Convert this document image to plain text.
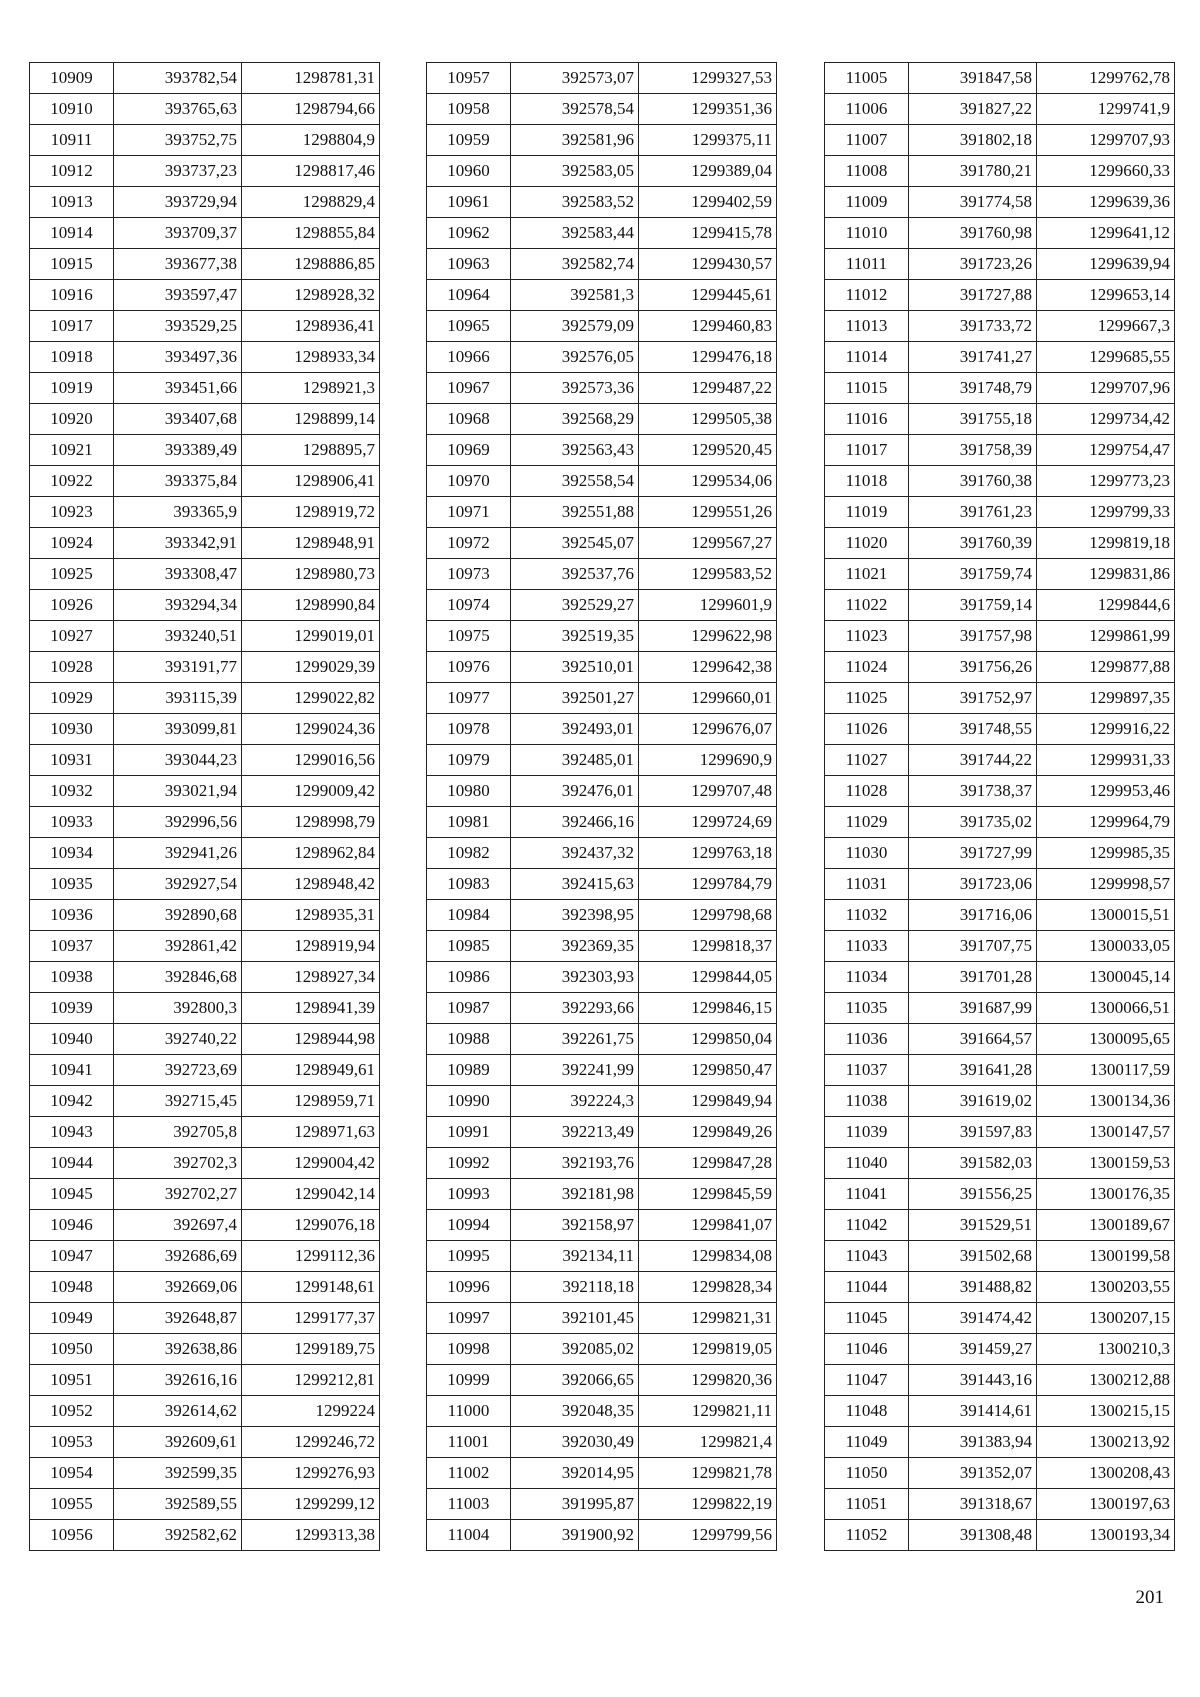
10909	393782,54	1298781,31
10910	393765,63	1298794,66
10911	393752,75	1298804,9
10912	393737,23	1298817,46
10913	393729,94	1298829,4
10914	393709,37	1298855,84
10915	393677,38	1298886,85
10916	393597,47	1298928,32
10917	393529,25	1298936,41
10918	393497,36	1298933,34
10919	393451,66	1298921,3
10920	393407,68	1298899,14
10921	393389,49	1298895,7
10922	393375,84	1298906,41
10923	393365,9	1298919,72
10924	393342,91	1298948,91
10925	393308,47	1298980,73
10926	393294,34	1298990,84
10927	393240,51	1299019,01
10928	393191,77	1299029,39
10929	393115,39	1299022,82
10930	393099,81	1299024,36
10931	393044,23	1299016,56
10932	393021,94	1299009,42
10933	392996,56	1298998,79
10934	392941,26	1298962,84
10935	392927,54	1298948,42
10936	392890,68	1298935,31
10937	392861,42	1298919,94
10938	392846,68	1298927,34
10939	392800,3	1298941,39
10940	392740,22	1298944,98
10941	392723,69	1298949,61
10942	392715,45	1298959,71
10943	392705,8	1298971,63
10944	392702,3	1299004,42
10945	392702,27	1299042,14
10946	392697,4	1299076,18
10947	392686,69	1299112,36
10948	392669,06	1299148,61
10949	392648,87	1299177,37
10950	392638,86	1299189,75
10951	392616,16	1299212,81
10952	392614,62	1299224
10953	392609,61	1299246,72
10954	392599,35	1299276,93
10955	392589,55	1299299,12
10956	392582,62	1299313,38
10957	392573,07	1299327,53
10958	392578,54	1299351,36
10959	392581,96	1299375,11
10960	392583,05	1299389,04
10961	392583,52	1299402,59
10962	392583,44	1299415,78
10963	392582,74	1299430,57
10964	392581,3	1299445,61
10965	392579,09	1299460,83
10966	392576,05	1299476,18
10967	392573,36	1299487,22
10968	392568,29	1299505,38
10969	392563,43	1299520,45
10970	392558,54	1299534,06
10971	392551,88	1299551,26
10972	392545,07	1299567,27
10973	392537,76	1299583,52
10974	392529,27	1299601,9
10975	392519,35	1299622,98
10976	392510,01	1299642,38
10977	392501,27	1299660,01
10978	392493,01	1299676,07
10979	392485,01	1299690,9
10980	392476,01	1299707,48
10981	392466,16	1299724,69
10982	392437,32	1299763,18
10983	392415,63	1299784,79
10984	392398,95	1299798,68
10985	392369,35	1299818,37
10986	392303,93	1299844,05
10987	392293,66	1299846,15
10988	392261,75	1299850,04
10989	392241,99	1299850,47
10990	392224,3	1299849,94
10991	392213,49	1299849,26
10992	392193,76	1299847,28
10993	392181,98	1299845,59
10994	392158,97	1299841,07
10995	392134,11	1299834,08
10996	392118,18	1299828,34
10997	392101,45	1299821,31
10998	392085,02	1299819,05
10999	392066,65	1299820,36
11000	392048,35	1299821,11
11001	392030,49	1299821,4
11002	392014,95	1299821,78
11003	391995,87	1299822,19
11004	391900,92	1299799,56
11005	391847,58	1299762,78
11006	391827,22	1299741,9
11007	391802,18	1299707,93
11008	391780,21	1299660,33
11009	391774,58	1299639,36
11010	391760,98	1299641,12
11011	391723,26	1299639,94
11012	391727,88	1299653,14
11013	391733,72	1299667,3
11014	391741,27	1299685,55
11015	391748,79	1299707,96
11016	391755,18	1299734,42
11017	391758,39	1299754,47
11018	391760,38	1299773,23
11019	391761,23	1299799,33
11020	391760,39	1299819,18
11021	391759,74	1299831,86
11022	391759,14	1299844,6
11023	391757,98	1299861,99
11024	391756,26	1299877,88
11025	391752,97	1299897,35
11026	391748,55	1299916,22
11027	391744,22	1299931,33
11028	391738,37	1299953,46
11029	391735,02	1299964,79
11030	391727,99	1299985,35
11031	391723,06	1299998,57
11032	391716,06	1300015,51
11033	391707,75	1300033,05
11034	391701,28	1300045,14
11035	391687,99	1300066,51
11036	391664,57	1300095,65
11037	391641,28	1300117,59
11038	391619,02	1300134,36
11039	391597,83	1300147,57
11040	391582,03	1300159,53
11041	391556,25	1300176,35
11042	391529,51	1300189,67
11043	391502,68	1300199,58
11044	391488,82	1300203,55
11045	391474,42	1300207,15
11046	391459,27	1300210,3
11047	391443,16	1300212,88
11048	391414,61	1300215,15
11049	391383,94	1300213,92
11050	391352,07	1300208,43
11051	391318,67	1300197,63
11052	391308,48	1300193,34
201
